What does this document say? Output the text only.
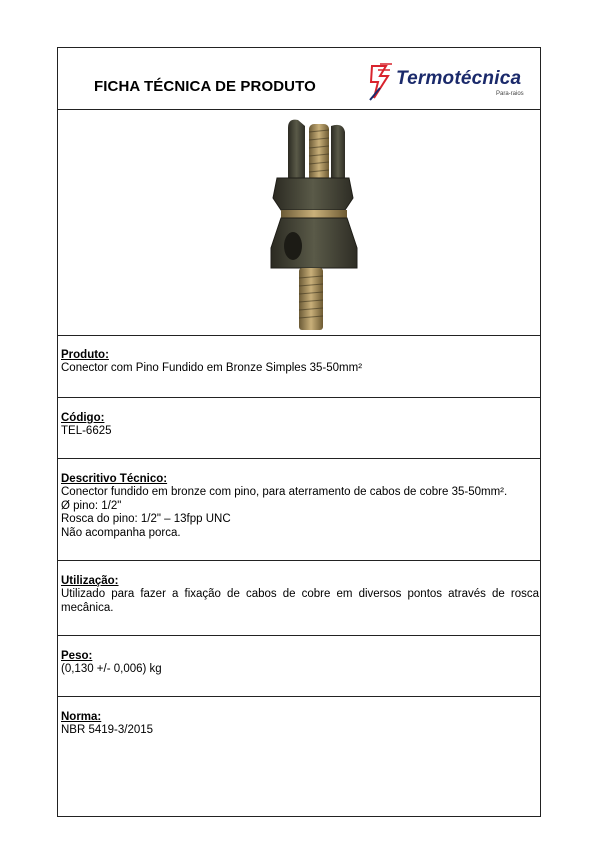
FICHA TÉCNICA DE PRODUTO	Termotécnica
Para-raios
Produto:
Conector com Pino Fundido em Bronze Simples 35-50mm²
Código:
TEL-6625
Descritivo Técnico:
Conector fundido em bronze com pino, para aterramento de cabos de cobre 35-50mm².
Ø pino: 1/2"
Rosca do pino: 1/2" – 13fpp UNC
Não acompanha porca.
Utilização:
Utilizado para fazer a fixação de cabos de cobre em diversos pontos através de rosca mecânica.
Peso:
(0,130 +/- 0,006) kg
Norma:
NBR 5419-3/2015
